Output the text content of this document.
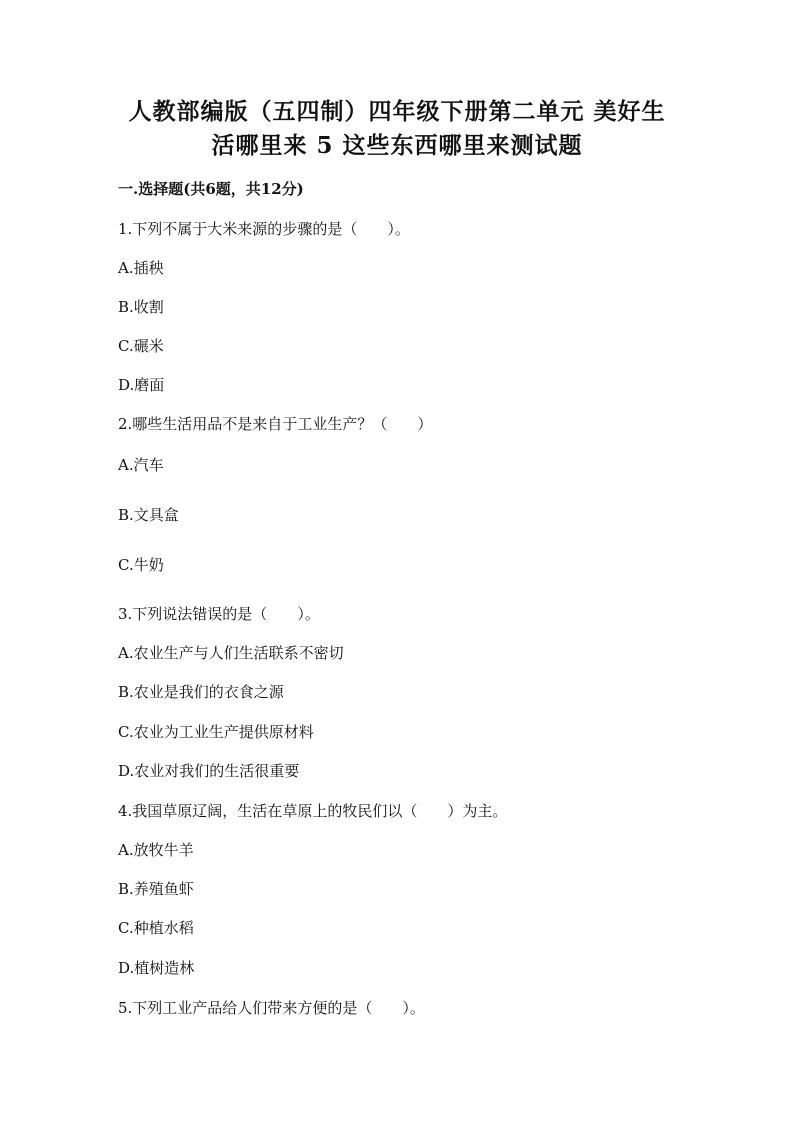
人教部编版（五四制）四年级下册第二单元 美好生
活哪里来 5 这些东西哪里来测试题
一.选择题(共6题，共12分)
1.下列不属于大米来源的步骤的是（　　）。
A.插秧
B.收割
C.碾米
D.磨面
2.哪些生活用品不是来自于工业生产？（　　）
A.汽车
B.文具盒
C.牛奶
3.下列说法错误的是（　　）。
A.农业生产与人们生活联系不密切
B.农业是我们的衣食之源
C.农业为工业生产提供原材料
D.农业对我们的生活很重要
4.我国草原辽阔，生活在草原上的牧民们以（　　）为主。
A.放牧牛羊
B.养殖鱼虾
C.种植水稻
D.植树造林
5.下列工业产品给人们带来方便的是（　　）。
